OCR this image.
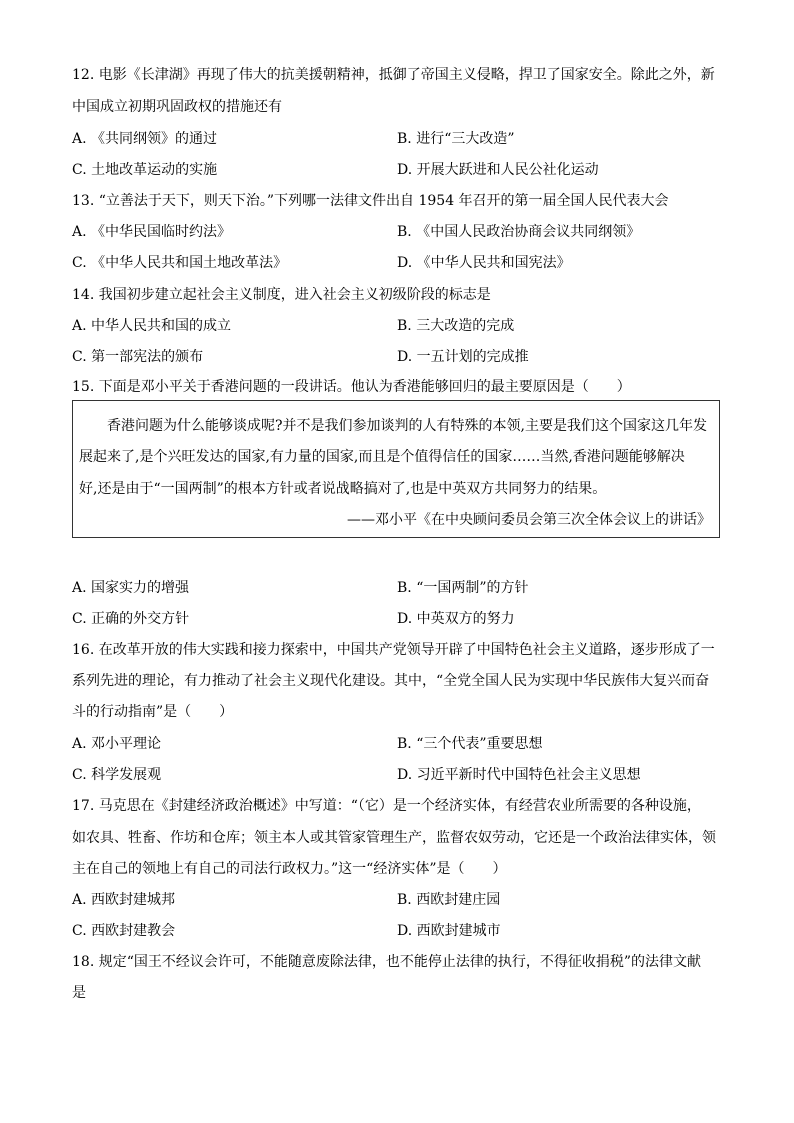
12. 电影《长津湖》再现了伟大的抗美援朝精神，抵御了帝国主义侵略，捍卫了国家安全。除此之外，新
中国成立初期巩固政权的措施还有
A. 《共同纲领》的通过	B. 进行“三大改造”
C. 土地改革运动的实施	D. 开展大跃进和人民公社化运动
13. “立善法于天下，则天下治。”下列哪一法律文件出自 1954 年召开的第一届全国人民代表大会
A. 《中华民国临时约法》	B. 《中国人民政治协商会议共同纲领》
C. 《中华人民共和国土地改革法》	D. 《中华人民共和国宪法》
14. 我国初步建立起社会主义制度，进入社会主义初级阶段的标志是
A. 中华人民共和国的成立	B. 三大改造的完成
C. 第一部宪法的颁布	D. 一五计划的完成推
15. 下面是邓小平关于香港问题的一段讲话。他认为香港能够回归的最主要原因是（　　）
香港问题为什么能够谈成呢?并不是我们参加谈判的人有特殊的本领,主要是我们这个国家这几年发
展起来了,是个兴旺发达的国家,有力量的国家,而且是个值得信任的国家……当然,香港问题能够解决
好,还是由于“一国两制”的根本方针或者说战略搞对了,也是中英双方共同努力的结果。
——邓小平《在中央顾问委员会第三次全体会议上的讲话》
A. 国家实力的增强	B. “一国两制”的方针
C. 正确的外交方针	D. 中英双方的努力
16. 在改革开放的伟大实践和接力探索中，中国共产党领导开辟了中国特色社会主义道路，逐步形成了一
系列先进的理论，有力推动了社会主义现代化建设。其中，“全党全国人民为实现中华民族伟大复兴而奋
斗的行动指南”是（　　）
A. 邓小平理论	B. “三个代表”重要思想
C. 科学发展观	D. 习近平新时代中国特色社会主义思想
17. 马克思在《封建经济政治概述》中写道：“（它）是一个经济实体，有经营农业所需要的各种设施，
如农具、牲畜、作坊和仓库；领主本人或其管家管理生产，监督农奴劳动，它还是一个政治法律实体，领
主在自己的领地上有自己的司法行政权力。”这一“经济实体”是（　　）
A. 西欧封建城邦	B. 西欧封建庄园
C. 西欧封建教会	D. 西欧封建城市
18. 规定“国王不经议会许可，不能随意废除法律，也不能停止法律的执行，不得征收捐税”的法律文献
是
